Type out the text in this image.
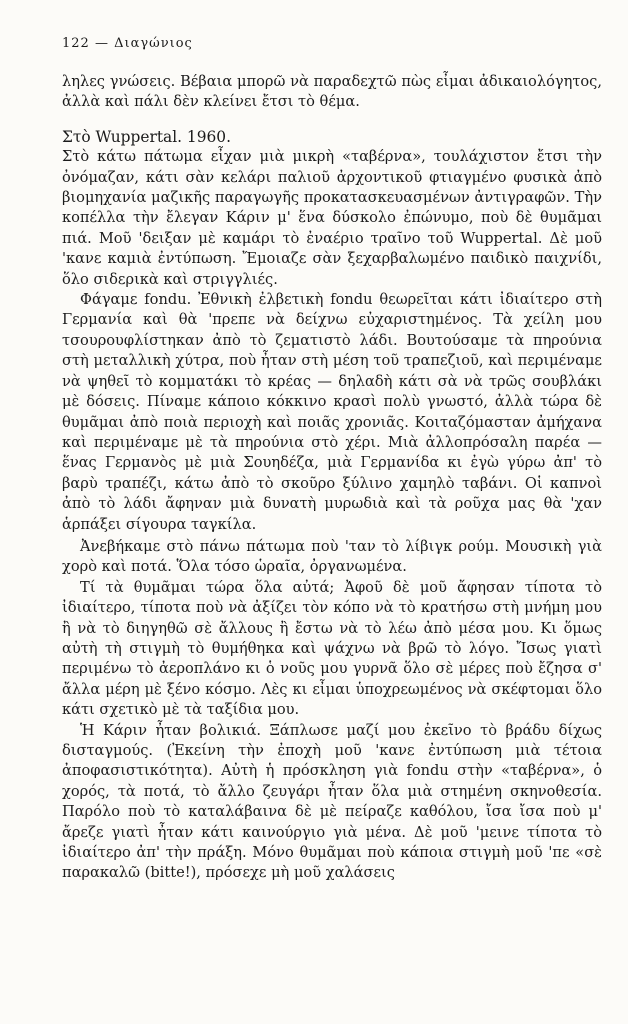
122 — Διαγώνιος

ληλες γνώσεις. Βέβαια μπορῶ νὰ παραδεχτῶ πὼς εἶμαι ἀδικαιολόγητος, ἀλλὰ καὶ πάλι δὲν κλείνει ἔτσι τὸ θέμα.

Στὸ Wuppertal. 1960.

Στὸ κάτω πάτωμα εἶχαν μιὰ μικρὴ «ταβέρνα», τουλάχιστον ἔτσι τὴν ὀνόμαζαν, κάτι σὰν κελάρι παλιοῦ ἀρχοντικοῦ φτιαγμένο φυσικὰ ἀπὸ βιομηχανία μαζικῆς παραγωγῆς προκατασκευασμένων ἀντιγραφῶν. Τὴν κοπέλλα τὴν ἔλεγαν Κάριν μ' ἕνα δύσκολο ἐπώνυμο, ποὺ δὲ θυμᾶμαι πιά. Μοῦ 'δειξαν μὲ καμάρι τὸ ἐναέριο τραῖνο τοῦ Wuppertal. Δὲ μοῦ 'κανε καμιὰ ἐντύπωση. Ἔμοιαζε σὰν ξεχαρβαλωμένο παιδικὸ παιχνίδι, ὅλο σιδερικὰ καὶ στριγγλιές.

Φάγαμε fondu. Ἐθνικὴ ἐλβετικὴ fondu θεωρεῖται κάτι ἰδιαίτερο στὴ Γερμανία καὶ θὰ 'πρεπε νὰ δείχνω εὐχαριστημένος. Τὰ χείλη μου τσουρουφλίστηκαν ἀπὸ τὸ ζεματιστὸ λάδι. Βουτούσαμε τὰ πηρούνια στὴ μεταλλικὴ χύτρα, ποὺ ἦταν στὴ μέση τοῦ τραπεζιοῦ, καὶ περιμέναμε νὰ ψηθεῖ τὸ κομματάκι τὸ κρέας — δηλαδὴ κάτι σὰ νὰ τρῶς σουβλάκι μὲ δόσεις. Πίναμε κάποιο κόκκινο κρασὶ πολὺ γνωστό, ἀλλὰ τώρα δὲ θυμᾶμαι ἀπὸ ποιὰ περιοχὴ καὶ ποιᾶς χρονιᾶς. Κοιταζόμασταν ἀμήχανα καὶ περιμέναμε μὲ τὰ πηρούνια στὸ χέρι. Μιὰ ἀλλοπρόσαλη παρέα — ἕνας Γερμανὸς μὲ μιὰ Σουηδέζα, μιὰ Γερμανίδα κι ἐγὼ γύρω ἀπ' τὸ βαρὺ τραπέζι, κάτω ἀπὸ τὸ σκοῦρο ξύλινο χαμηλὸ ταβάνι. Οἱ καπνοὶ ἀπὸ τὸ λάδι ἄφηναν μιὰ δυνατὴ μυρωδιὰ καὶ τὰ ροῦχα μας θὰ 'χαν ἁρπάξει σίγουρα ταγκίλα.

Ἀνεβήκαμε στὸ πάνω πάτωμα ποὺ 'ταν τὸ λίβιγκ ρούμ. Μουσικὴ γιὰ χορὸ καὶ ποτά. Ὅλα τόσο ὡραῖα, ὀργανωμένα.

Τί τὰ θυμᾶμαι τώρα ὅλα αὐτά; Ἀφοῦ δὲ μοῦ ἄφησαν τίποτα τὸ ἰδιαίτερο, τίποτα ποὺ νὰ ἀξίζει τὸν κόπο νὰ τὸ κρατήσω στὴ μνήμη μου ἢ νὰ τὸ διηγηθῶ σὲ ἄλλους ἢ ἔστω νὰ τὸ λέω ἀπὸ μέσα μου. Κι ὅμως αὐτὴ τὴ στιγμὴ τὸ θυμήθηκα καὶ ψάχνω νὰ βρῶ τὸ λόγο. Ἴσως γιατὶ περιμένω τὸ ἀεροπλάνο κι ὁ νοῦς μου γυρνᾶ ὅλο σὲ μέρες ποὺ ἔζησα σ' ἄλλα μέρη μὲ ξένο κόσμο. Λὲς κι εἶμαι ὑποχρεωμένος νὰ σκέφτομαι ὅλο κάτι σχετικὸ μὲ τὰ ταξίδια μου.

Ἡ Κάριν ἦταν βολικιά. Ξάπλωσε μαζί μου ἐκεῖνο τὸ βράδυ δίχως δισταγμούς. (Ἐκείνη τὴν ἐποχὴ μοῦ 'κανε ἐντύπωση μιὰ τέτοια ἀποφασιστικότητα). Αὐτὴ ἡ πρόσκληση γιὰ fondu στὴν «ταβέρνα», ὁ χορός, τὰ ποτά, τὸ ἄλλο ζευγάρι ἦταν ὅλα μιὰ στημένη σκηνοθεσία. Παρόλο ποὺ τὸ καταλάβαινα δὲ μὲ πείραζε καθόλου, ἴσα ἴσα ποὺ μ' ἄρεζε γιατὶ ἦταν κάτι καινούργιο γιὰ μένα. Δὲ μοῦ 'μεινε τίποτα τὸ ἰδιαίτερο ἀπ' τὴν πράξη. Μόνο θυμᾶμαι ποὺ κάποια στιγμὴ μοῦ 'πε «σὲ παρακαλῶ (bitte!), πρόσεχε μὴ μοῦ χαλάσεις
